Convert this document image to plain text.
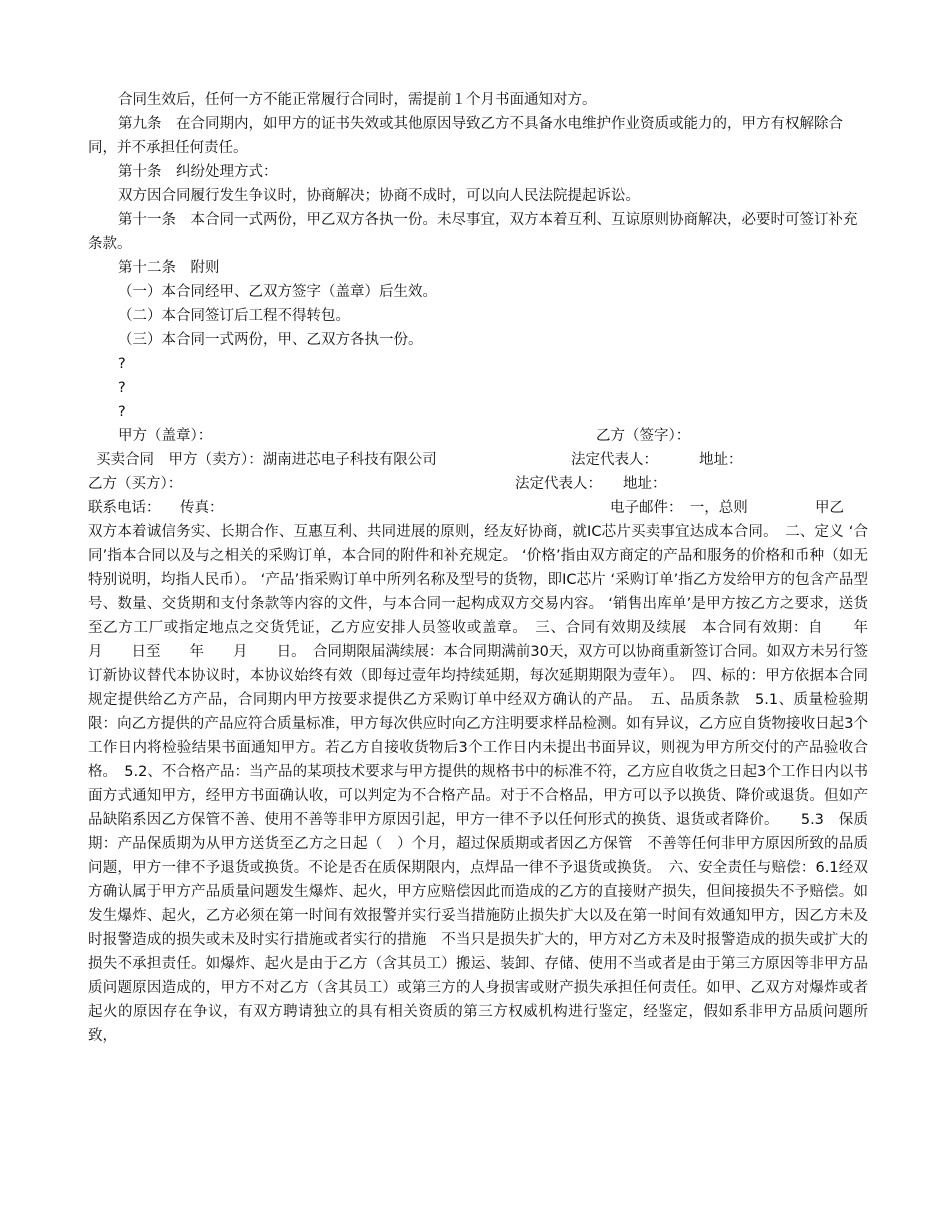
合同生效后，任何一方不能正常履行合同时，需提前１个月书面通知对方。

第九条　在合同期内，如甲方的证书失效或其他原因导致乙方不具备水电维护作业资质或能力的，甲方有权解除合同，并不承担任何责任。

第十条　纠纷处理方式：

双方因合同履行发生争议时，协商解决；协商不成时，可以向人民法院提起诉讼。

第十一条　本合同一式两份，甲乙双方各执一份。未尽事宜，双方本着互利、互谅原则协商解决，必要时可签订补充条款。

第十二条　附则

（一）本合同经甲、乙双方签字（盖章）后生效。

（二）本合同签订后工程不得转包。

（三）本合同一式两份，甲、乙双方各执一份。

?

?

?

甲方（盖章）：	乙方（签字）：
买卖合同　甲方（卖方）：湖南进芯电子科技有限公司	法定代表人：	地址：
乙方（买方）：	法定代表人：	地址：
联系电话：	传真：	电子邮件：　一，总则	甲乙

双方本着诚信务实、长期合作、互惠互利、共同进展的原则，经友好协商，就IC芯片买卖事宜达成本合同。　二、定义 ‘合同’指本合同以及与之相关的采购订单，本合同的附件和补充规定。 ‘价格’指由双方商定的产品和服务的价格和币种（如无特别说明，均指人民币）。 ‘产品’指采购订单中所列名称及型号的货物，即IC芯片 ‘采购订单’指乙方发给甲方的包含产品型号、数量、交货期和支付条款等内容的文件，与本合同一起构成双方交易内容。 ‘销售出库单’是甲方按乙方之要求，送货至乙方工厂或指定地点之交货凭证，乙方应安排人员签收或盖章。　三、合同有效期及续展　本合同有效期：自　　年　　月　　日至　　年　　月　　日。　合同期限届满续展：本合同期满前30天，双方可以协商重新签订合同。如双方未另行签订新协议替代本协议时，本协议始终有效（即每过壹年均持续延期，每次延期期限为壹年）。　四、标的：甲方依据本合同规定提供给乙方产品，合同期内甲方按要求提供乙方采购订单中经双方确认的产品。　五、品质条款　5.1、质量检验期限：向乙方提供的产品应符合质量标准，甲方每次供应时向乙方注明要求样品检测。如有异议，乙方应自货物接收日起3个工作日内将检验结果书面通知甲方。若乙方自接收货物后3个工作日内未提出书面异议，则视为甲方所交付的产品验收合格。　5.2、不合格产品：当产品的某项技术要求与甲方提供的规格书中的标准不符，乙方应自收货之日起3个工作日内以书面方式通知甲方，经甲方书面确认收，可以判定为不合格产品。对于不合格品，甲方可以予以换货、降价或退货。但如产品缺陷系因乙方保管不善、使用不善等非甲方原因引起，甲方一律不予以任何形式的换货、退货或者降价。　　5.3　保质期：产品保质期为从甲方送货至乙方之日起（　）个月，超过保质期或者因乙方保管　不善等任何非甲方原因所致的品质问题，甲方一律不予退货或换货。不论是否在质保期限内，点焊品一律不予退货或换货。　六、安全责任与赔偿：6.1经双方确认属于甲方产品质量问题发生爆炸、起火，甲方应赔偿因此而造成的乙方的直接财产损失，但间接损失不予赔偿。如发生爆炸、起火，乙方必须在第一时间有效报警并实行妥当措施防止损失扩大以及在第一时间有效通知甲方，因乙方未及时报警造成的损失或未及时实行措施或者实行的措施　不当只是损失扩大的，甲方对乙方未及时报警造成的损失或扩大的损失不承担责任。如爆炸、起火是由于乙方（含其员工）搬运、装卸、存储、使用不当或者是由于第三方原因等非甲方品质问题原因造成的，甲方不对乙方（含其员工）或第三方的人身损害或财产损失承担任何责任。如甲、乙双方对爆炸或者起火的原因存在争议，有双方聘请独立的具有相关资质的第三方权威机构进行鉴定，经鉴定，假如系非甲方品质问题所致，
